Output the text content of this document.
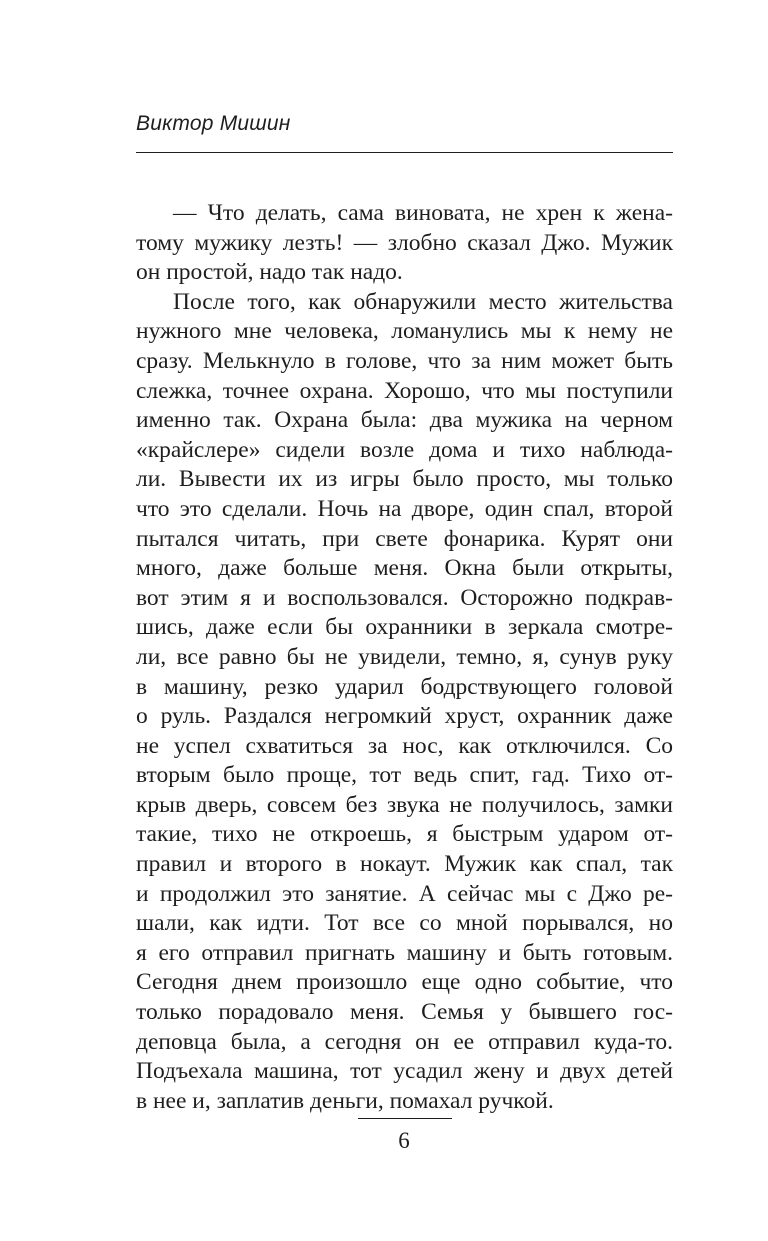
Виктор Мишин
— Что делать, сама виновата, не хрен к жена-
тому мужику лезть! — злобно сказал Джо. Мужик
он простой, надо так надо.
После того, как обнаружили место жительства
нужного мне человека, ломанулись мы к нему не
сразу. Мелькнуло в голове, что за ним может быть
слежка, точнее охрана. Хорошо, что мы поступили
именно так. Охрана была: два мужика на черном
«крайслере» сидели возле дома и тихо наблюда-
ли. Вывести их из игры было просто, мы только
что это сделали. Ночь на дворе, один спал, второй
пытался читать, при свете фонарика. Курят они
много, даже больше меня. Окна были открыты,
вот этим я и воспользовался. Осторожно подкрав-
шись, даже если бы охранники в зеркала смотре-
ли, все равно бы не увидели, темно, я, сунув руку
в машину, резко ударил бодрствующего головой
о руль. Раздался негромкий хруст, охранник даже
не успел схватиться за нос, как отключился. Со
вторым было проще, тот ведь спит, гад. Тихо от-
крыв дверь, совсем без звука не получилось, замки
такие, тихо не откроешь, я быстрым ударом от-
правил и второго в нокаут. Мужик как спал, так
и продолжил это занятие. А сейчас мы с Джо ре-
шали, как идти. Тот все со мной порывался, но
я его отправил пригнать машину и быть готовым.
Сегодня днем произошло еще одно событие, что
только порадовало меня. Семья у бывшего гос-
деповца была, а сегодня он ее отправил куда-то.
Подъехала машина, тот усадил жену и двух детей
в нее и, заплатив деньги, помахал ручкой.
6
